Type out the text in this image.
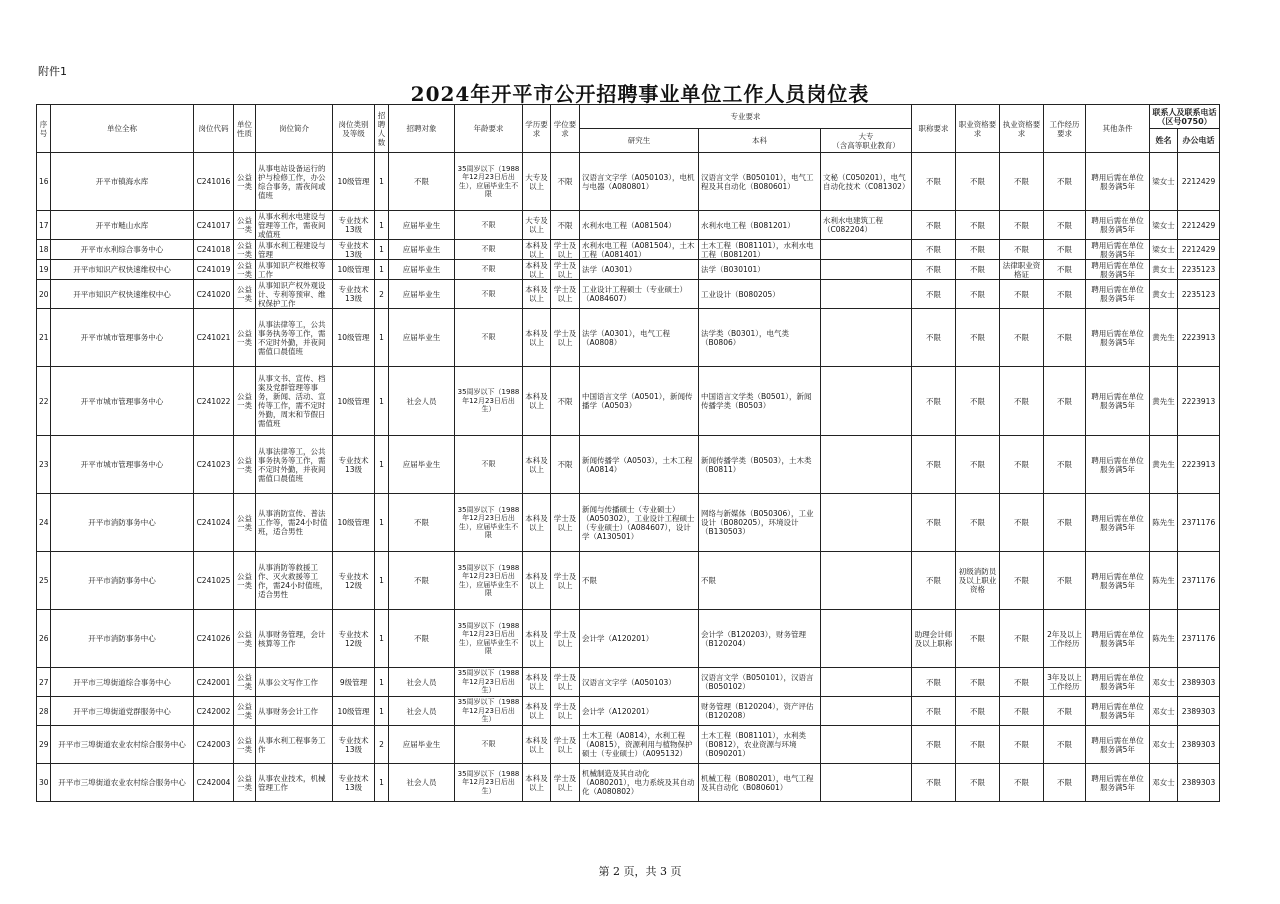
附件1
2024年开平市公开招聘事业单位工作人员岗位表
序号	单位全称	岗位代码	单位性质	岗位简介	岗位类别及等级	招聘人数	招聘对象	年龄要求	学历要求	学位要求	专业要求			职称要求	职业资格要求	执业资格要求	工作经历要求	其他条件	联系人及联系电话（区号0750）	
											研究生	本科	大专
（含高等职业教育）						姓名	办公电话
16	开平市镇海水库	C241016	公益一类	从事电站设备运行的护与检修工作，办公综合事务，需夜间或值班	10级管理	1	不限	35周岁以下（1988年12月23日后出生），应届毕业生不限	大专及以上	不限	汉语言文字学（A050103），电机与电器（A080801）	汉语言文学（B050101），电气工程及其自动化（B080601）	文秘（C050201），电气自动化技术（C081302）	不限	不限	不限	不限	聘用后需在单位服务满5年	梁女士	2212429
17	开平市鲢山水库	C241017	公益一类	从事水利水电建设与管理等工作，需夜间或值班	专业技术13级	1	应届毕业生	不限	大专及以上	不限	水利水电工程（A081504）	水利水电工程（B081201）	水利水电建筑工程（C082204）	不限	不限	不限	不限	聘用后需在单位服务满5年	梁女士	2212429
18	开平市水利综合事务中心	C241018	公益一类	从事水利工程建设与管理	专业技术13级	1	应届毕业生	不限	本科及以上	学士及以上	水利水电工程（A081504），土木工程（A081401）	土木工程（B081101），水利水电工程（B081201）		不限	不限	不限	不限	聘用后需在单位服务满5年	梁女士	2212429
19	开平市知识产权快速维权中心	C241019	公益一类	从事知识产权维权等工作	10级管理	1	应届毕业生	不限	本科及以上	学士及以上	法学（A0301）	法学（B030101）		不限	不限	法律职业资格证	不限	聘用后需在单位服务满5年	黄女士	2235123
20	开平市知识产权快速维权中心	C241020	公益一类	从事知识产权外观设计、专利等预审、维权保护工作	专业技术13级	2	应届毕业生	不限	本科及以上	学士及以上	工业设计工程硕士（专业硕士）（A084607）	工业设计（B080205）		不限	不限	不限	不限	聘用后需在单位服务满5年	黄女士	2235123
21	开平市城市管理事务中心	C241021	公益一类	从事法律等工，公共事务执务等工作，需不定时外勤，并夜间需值口晨值班	10级管理	1	应届毕业生	不限	本科及以上	学士及以上	法学（A0301），电气工程（A0808）	法学类（B0301），电气类（B0806）		不限	不限	不限	不限	聘用后需在单位服务满5年	黄先生	2223913
22	开平市城市管理事务中心	C241022	公益一类	从事文书、宣传、档案及党群管理等事务，新闻、活动、宣传等工作，需不定时外勤，周末和节假日需值班	10级管理	1	社会人员	35周岁以下（1988年12月23日后出生）	本科及以上	不限	中国语言文学（A0501），新闻传播学（A0503）	中国语言文学类（B0501），新闻传播学类（B0503）		不限	不限	不限	不限	聘用后需在单位服务满5年	黄先生	2223913
23	开平市城市管理事务中心	C241023	公益一类	从事法律等工，公共事务执务等工作，需不定时外勤，并夜间需值口晨值班	专业技术13级	1	应届毕业生	不限	本科及以上	不限	新闻传播学（A0503），土木工程（A0814）	新闻传播学类（B0503），土木类（B0811）		不限	不限	不限	不限	聘用后需在单位服务满5年	黄先生	2223913
24	开平市消防事务中心	C241024	公益一类	从事消防宣传、普法工作等，需24小时值班，适合男性	10级管理	1	不限	35周岁以下（1988年12月23日后出生），应届毕业生不限	本科及以上	学士及以上	新闻与传播硕士（专业硕士）（A050302），工业设计工程硕士（专业硕士）（A084607），设计学（A130501）	网络与新媒体（B050306），工业设计（B080205），环境设计（B130503）		不限	不限	不限	不限	聘用后需在单位服务满5年	陈先生	2371176
25	开平市消防事务中心	C241025	公益一类	从事消防等救援工作、灭火救援等工作，需24小时值班，适合男性	专业技术12级	1	不限	35周岁以下（1988年12月23日后出生），应届毕业生不限	本科及以上	学士及以上	不限	不限		不限	初级消防员及以上职业资格	不限	不限	聘用后需在单位服务满5年	陈先生	2371176
26	开平市消防事务中心	C241026	公益一类	从事财务管理，会计核算等工作	专业技术12级	1	不限	35周岁以下（1988年12月23日后出生），应届毕业生不限	本科及以上	学士及以上	会计学（A120201）	会计学（B120203），财务管理（B120204）		助理会计师及以上职称	不限	不限	2年及以上工作经历	聘用后需在单位服务满5年	陈先生	2371176
27	开平市三埠街道综合事务中心	C242001	公益一类	从事公文写作工作	9级管理	1	社会人员	35周岁以下（1988年12月23日后出生）	本科及以上	学士及以上	汉语言文字学（A050103）	汉语言文学（B050101），汉语言（B050102）		不限	不限	不限	3年及以上工作经历	聘用后需在单位服务满5年	邓女士	2389303
28	开平市三埠街道党群服务中心	C242002	公益一类	从事财务会计工作	10级管理	1	社会人员	35周岁以下（1988年12月23日后出生）	本科及以上	学士及以上	会计学（A120201）	财务管理（B120204），资产评估（B120208）		不限	不限	不限	不限	聘用后需在单位服务满5年	邓女士	2389303
29	开平市三埠街道农业农村综合服务中心	C242003	公益一类	从事水利工程事务工作	专业技术13级	2	应届毕业生	不限	本科及以上	学士及以上	土木工程（A0814），水利工程（A0815），资源利用与植物保护硕士（专业硕士）（A095132）	土木工程（B081101），水利类（B0812），农业资源与环境（B090201）		不限	不限	不限	不限	聘用后需在单位服务满5年	邓女士	2389303
30	开平市三埠街道农业农村综合服务中心	C242004	公益一类	从事农业技术，机械管理工作	专业技术13级	1	社会人员	35周岁以下（1988年12月23日后出生）	本科及以上	学士及以上	机械制造及其自动化（A080201），电力系统及其自动化（A080802）	机械工程（B080201），电气工程及其自动化（B080601）		不限	不限	不限	不限	聘用后需在单位服务满5年	邓女士	2389303
第 2 页，共 3 页
